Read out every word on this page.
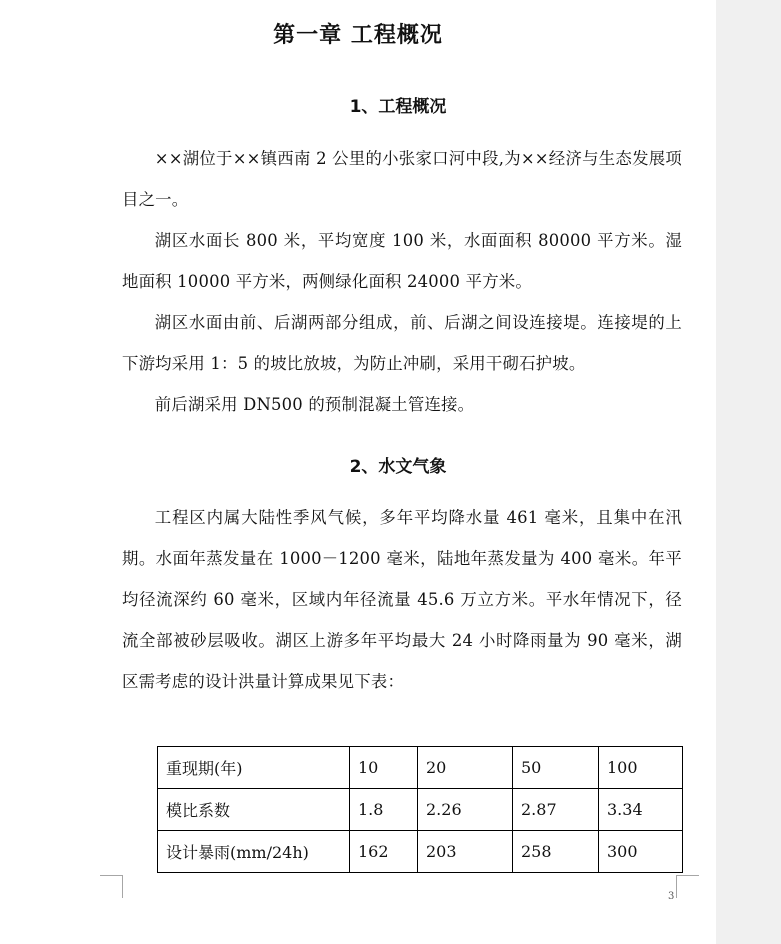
第一章 工程概况
1、工程概况

××湖位于××镇西南 2 公里的小张家口河中段,为××经济与生态发展项目之一。

湖区水面长 800 米，平均宽度 100 米，水面面积 80000 平方米。湿地面积 10000 平方米，两侧绿化面积 24000 平方米。

湖区水面由前、后湖两部分组成，前、后湖之间设连接堤。连接堤的上下游均采用 1：5 的坡比放坡，为防止冲刷，采用干砌石护坡。

前后湖采用 DN500 的预制混凝土管连接。

2、水文气象

工程区内属大陆性季风气候，多年平均降水量 461 毫米，且集中在汛期。水面年蒸发量在 1000－1200 毫米，陆地年蒸发量为 400 毫米。年平均径流深约 60 毫米，区域内年径流量 45.6 万立方米。平水年情况下，径流全部被砂层吸收。湖区上游多年平均最大 24 小时降雨量为 90 毫米，湖区需考虑的设计洪量计算成果见下表：

重现期(年)	10	20	50	100
模比系数	1.8	2.26	2.87	3.34
设计暴雨(mm/24h)	162	203	258	300
3
